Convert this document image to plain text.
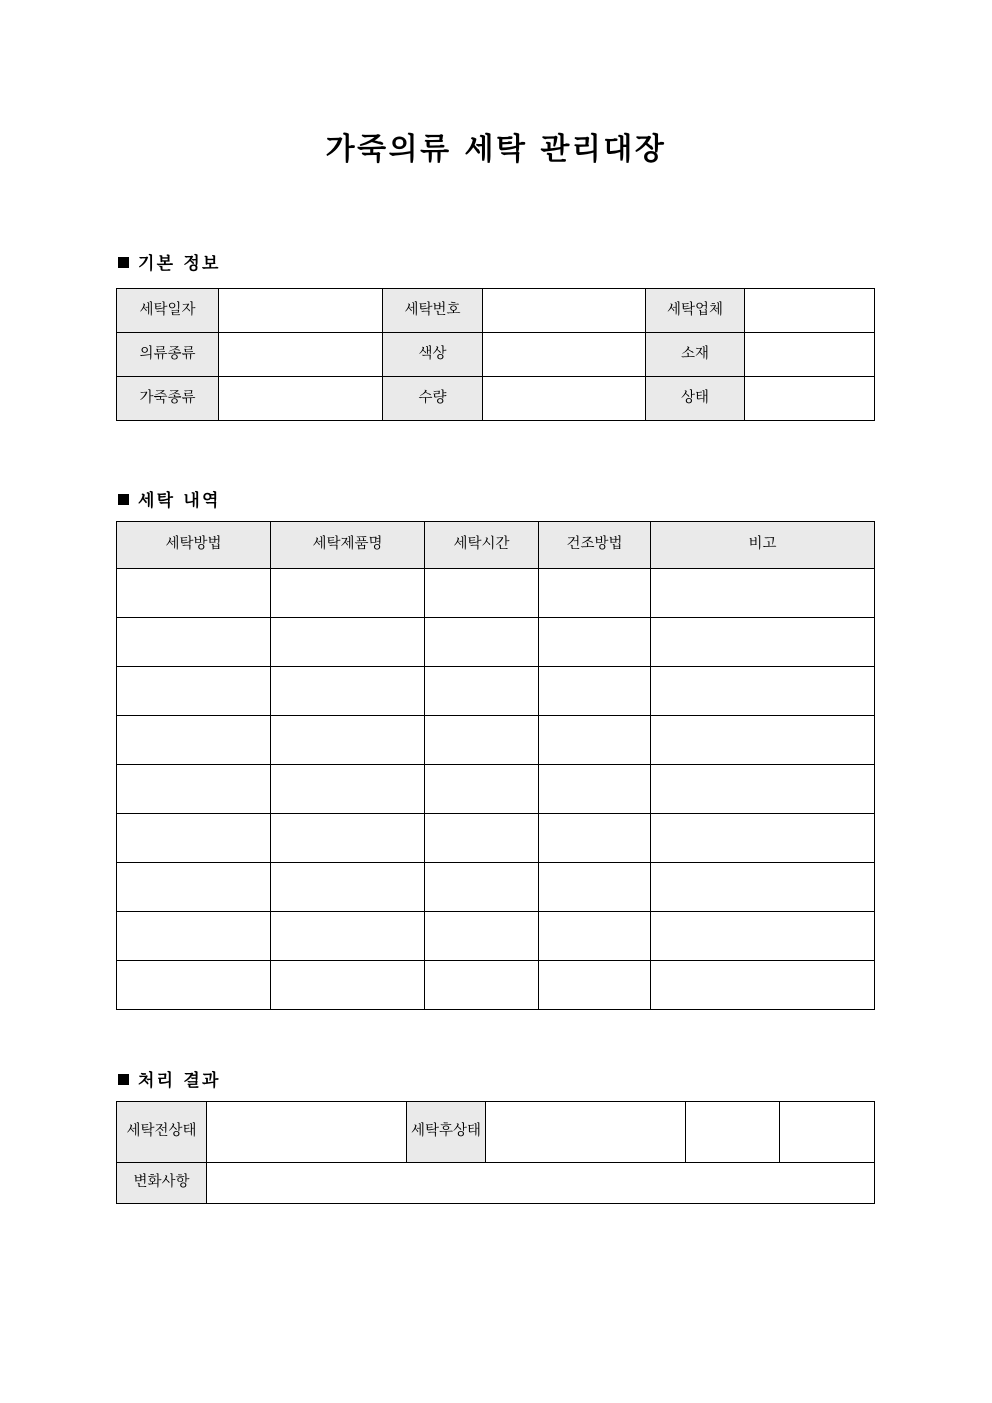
가죽의류 세탁 관리대장
기본 정보
세탁일자		세탁번호		세탁업체	
의류종류		색상		소재	
가죽종류		수량		상태	
세탁 내역
세탁방법	세탁제품명	세탁시간	건조방법	비고

처리 결과
세탁전상태		세탁후상태			
변화사항					
